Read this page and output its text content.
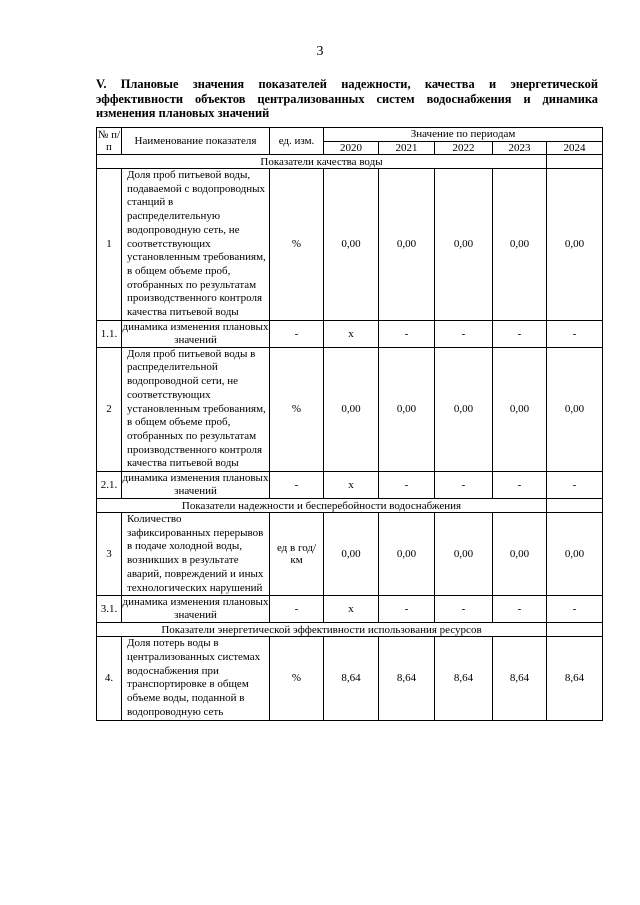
3
V. Плановые значения показателей надежности, качества и энергетической эффективности объектов централизованных систем водоснабжения и динамика изменения плановых значений
№ п/п	Наименование показателя	ед. изм.	Значение по периодам				
			2020	2021	2022	2023	2024
Показатели качества воды							
1	Доля проб питьевой воды, подаваемой с водопроводных станций в распределительную водопроводную сеть, не соответствующих установленным требованиям, в общем объеме проб, отобранных по результатам производственного контроля качества питьевой воды	%	0,00	0,00	0,00	0,00	0,00
1.1.	динамика изменения плановых значений	-	х	-	-	-	-
2	Доля проб питьевой воды в распределительной водопроводной сети, не соответствующих установленным требованиям, в общем объеме проб, отобранных по результатам производственного контроля качества питьевой воды	%	0,00	0,00	0,00	0,00	0,00
2.1.	динамика изменения плановых значений	-	х	-	-	-	-
Показатели надежности и бесперебойности водоснабжения							
3	Количество зафиксированных перерывов в подаче холодной воды, возникших в результате аварий, повреждений и иных технологических нарушений	ед в год/ км	0,00	0,00	0,00	0,00	0,00
3.1.	динамика изменения плановых значений	-	х	-	-	-	-
Показатели энергетической эффективности использования ресурсов							
4.	Доля потерь воды в централизованных системах водоснабжения при транспортировке в общем объеме воды, поданной в водопроводную сеть	%	8,64	8,64	8,64	8,64	8,64
